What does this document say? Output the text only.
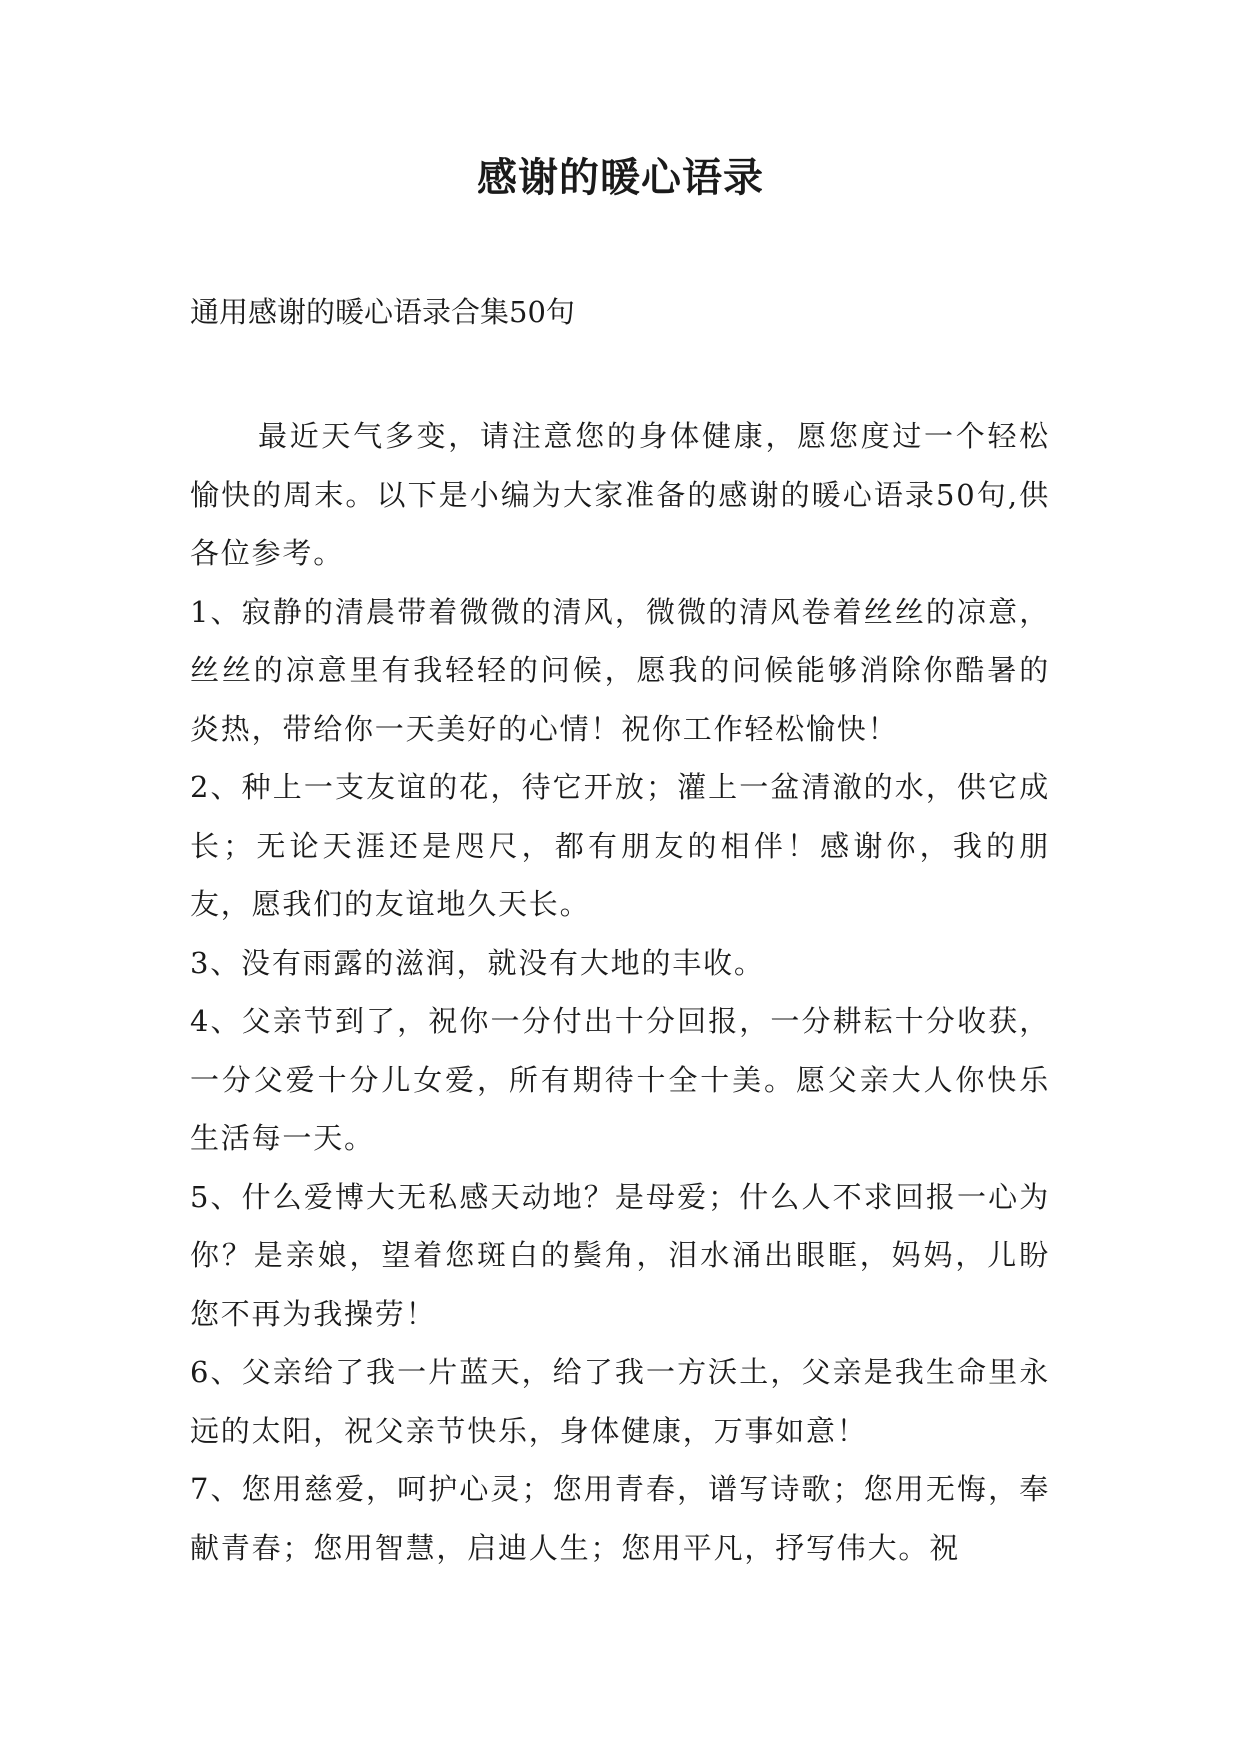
感谢的暖心语录
通用感谢的暖心语录合集50句

最近天气多变，请注意您的身体健康，愿您度过一个轻松愉快的周末。以下是小编为大家准备的感谢的暖心语录50句,供各位参考。

1、寂静的清晨带着微微的清风，微微的清风卷着丝丝的凉意，丝丝的凉意里有我轻轻的问候，愿我的问候能够消除你酷暑的炎热，带给你一天美好的心情！祝你工作轻松愉快！

2、种上一支友谊的花，待它开放；灌上一盆清澈的水，供它成长；无论天涯还是咫尺，都有朋友的相伴！感谢你，我的朋友，愿我们的友谊地久天长。

3、没有雨露的滋润，就没有大地的丰收。

4、父亲节到了，祝你一分付出十分回报，一分耕耘十分收获，一分父爱十分儿女爱，所有期待十全十美。愿父亲大人你快乐生活每一天。

5、什么爱博大无私感天动地？是母爱；什么人不求回报一心为你？是亲娘，望着您斑白的鬓角，泪水涌出眼眶，妈妈，儿盼您不再为我操劳！

6、父亲给了我一片蓝天，给了我一方沃土，父亲是我生命里永远的太阳，祝父亲节快乐，身体健康，万事如意！

7、您用慈爱，呵护心灵；您用青春，谱写诗歌；您用无悔，奉献青春；您用智慧，启迪人生；您用平凡，抒写伟大。祝
